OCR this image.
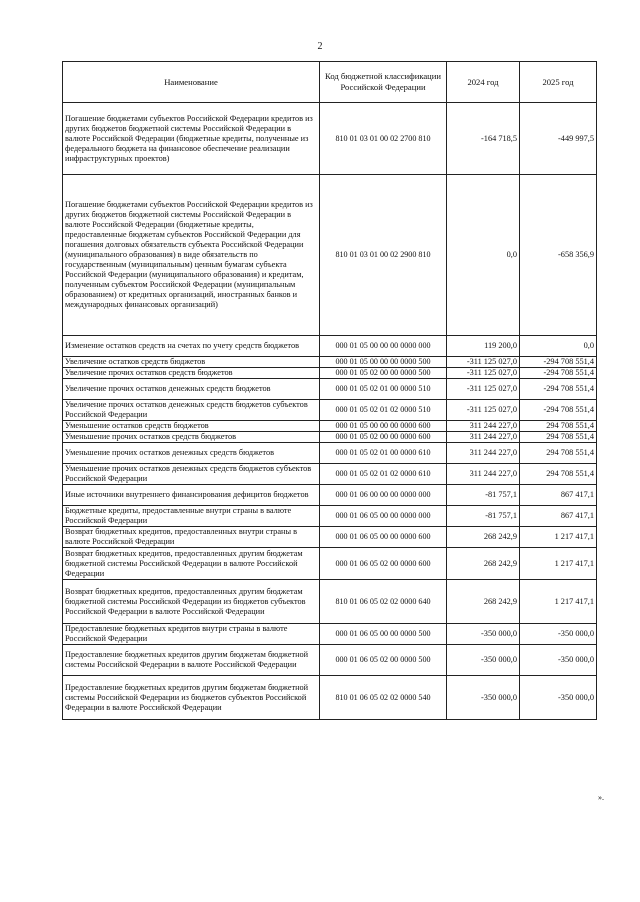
2
Наименование	Код бюджетной классификации Российской Федерации	2024 год	2025 год
Погашение бюджетами субъектов Российской Федерации кредитов из других бюджетов бюджетной системы Российской Федерации в валюте Российской Федерации (бюджетные кредиты, полученные из федерального бюджета на финансовое обеспечение реализации инфраструктурных проектов)	810 01 03 01 00 02 2700 810	-164 718,5	-449 997,5
Погашение бюджетами субъектов Российской Федерации кредитов из других бюджетов бюджетной системы Российской Федерации в валюте Российской Федерации (бюджетные кредиты, предоставленные бюджетам субъектов Российской Федерации для погашения долговых обязательств субъекта Российской Федерации (муниципального образования) в виде обязательств по государственным (муниципальным) ценным бумагам субъекта Российской Федерации (муниципального образования) и кредитам, полученным субъектом Российской Федерации (муниципальным образованием) от кредитных организаций, иностранных банков и международных финансовых организаций)	810 01 03 01 00 02 2900 810	0,0	-658 356,9
Изменение остатков средств на счетах по учету средств бюджетов	000 01 05 00 00 00 0000 000	119 200,0	0,0
Увеличение остатков средств бюджетов	000 01 05 00 00 00 0000 500	-311 125 027,0	-294 708 551,4
Увеличение прочих остатков средств бюджетов	000 01 05 02 00 00 0000 500	-311 125 027,0	-294 708 551,4
Увеличение прочих остатков денежных средств бюджетов	000 01 05 02 01 00 0000 510	-311 125 027,0	-294 708 551,4
Увеличение прочих остатков денежных средств бюджетов субъектов Российской Федерации	000 01 05 02 01 02 0000 510	-311 125 027,0	-294 708 551,4
Уменьшение остатков средств бюджетов	000 01 05 00 00 00 0000 600	311 244 227,0	294 708 551,4
Уменьшение прочих остатков средств бюджетов	000 01 05 02 00 00 0000 600	311 244 227,0	294 708 551,4
Уменьшение прочих остатков денежных средств бюджетов	000 01 05 02 01 00 0000 610	311 244 227,0	294 708 551,4
Уменьшение прочих остатков денежных средств бюджетов субъектов Российской Федерации	000 01 05 02 01 02 0000 610	311 244 227,0	294 708 551,4
Иные источники внутреннего финансирования дефицитов бюджетов	000 01 06 00 00 00 0000 000	-81 757,1	867 417,1
Бюджетные кредиты, предоставленные внутри страны в валюте Российской Федерации	000 01 06 05 00 00 0000 000	-81 757,1	867 417,1
Возврат бюджетных кредитов, предоставленных внутри страны в валюте Российской Федерации	000 01 06 05 00 00 0000 600	268 242,9	1 217 417,1
Возврат бюджетных кредитов, предоставленных другим бюджетам бюджетной системы Российской Федерации в валюте Российской Федерации	000 01 06 05 02 00 0000 600	268 242,9	1 217 417,1
Возврат бюджетных кредитов, предоставленных другим бюджетам бюджетной системы Российской Федерации из бюджетов субъектов Российской Федерации в валюте Российской Федерации	810 01 06 05 02 02 0000 640	268 242,9	1 217 417,1
Предоставление бюджетных кредитов внутри страны в валюте Российской Федерации	000 01 06 05 00 00 0000 500	-350 000,0	-350 000,0
Предоставление бюджетных кредитов другим бюджетам бюджетной системы Российской Федерации в валюте Российской Федерации	000 01 06 05 02 00 0000 500	-350 000,0	-350 000,0
Предоставление бюджетных кредитов другим бюджетам бюджетной системы Российской Федерации из бюджетов субъектов Российской Федерации в валюте Российской Федерации	810 01 06 05 02 02 0000 540	-350 000,0	-350 000,0
».
